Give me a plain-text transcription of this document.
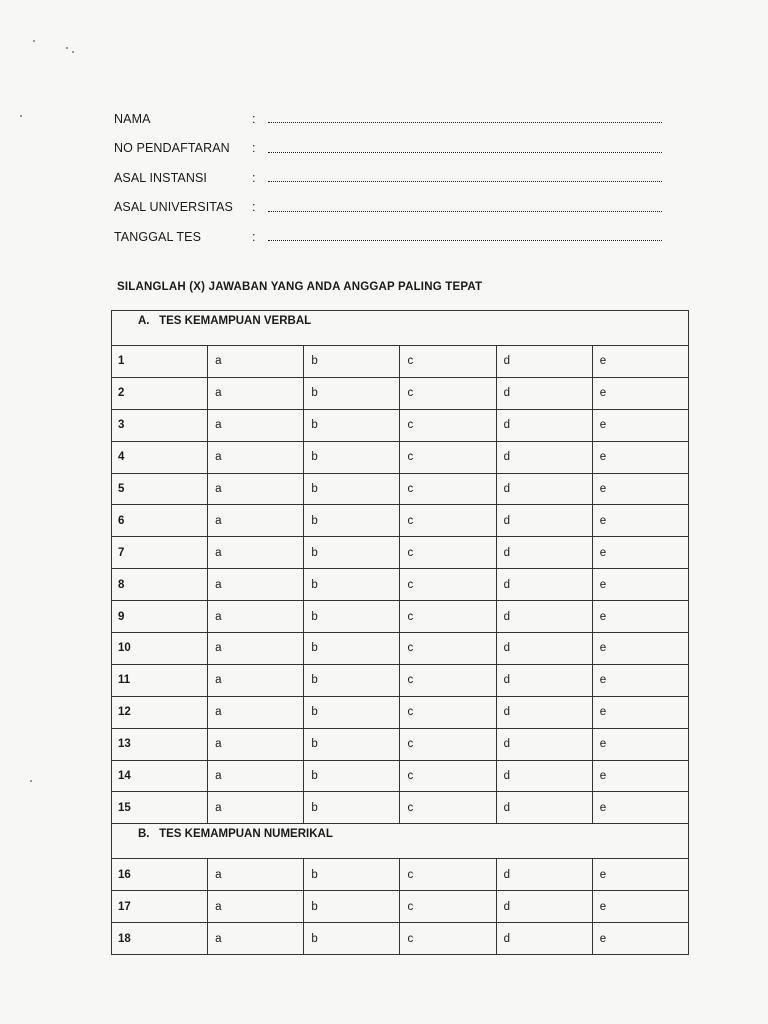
NAMA	:
NO PENDAFTARAN	:
ASAL INSTANSI	:
ASAL UNIVERSITAS	:
TANGGAL TES	:
SILANGLAH (X) JAWABAN YANG ANDA ANGGAP PALING TEPAT
A.   TES KEMAMPUAN VERBAL					
1	a	b	c	d	e
2	a	b	c	d	e
3	a	b	c	d	e
4	a	b	c	d	e
5	a	b	c	d	e
6	a	b	c	d	e
7	a	b	c	d	e
8	a	b	c	d	e
9	a	b	c	d	e
10	a	b	c	d	e
11	a	b	c	d	e
12	a	b	c	d	e
13	a	b	c	d	e
14	a	b	c	d	e
15	a	b	c	d	e
B.   TES KEMAMPUAN NUMERIKAL					
16	a	b	c	d	e
17	a	b	c	d	e
18	a	b	c	d	e
